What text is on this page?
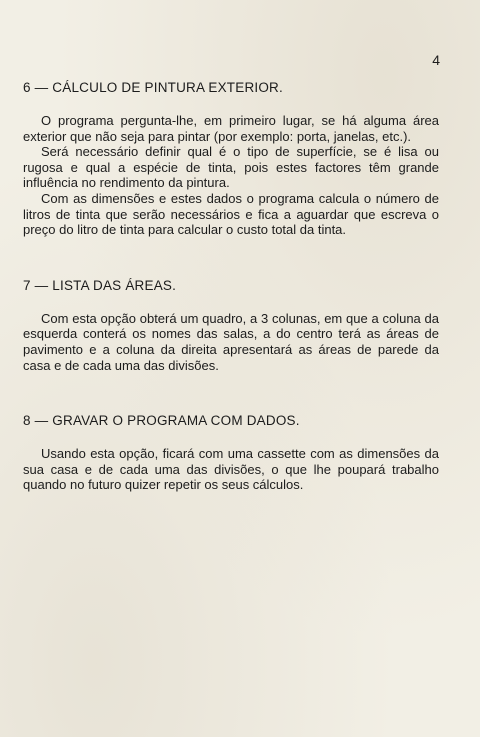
4
6 — CÁLCULO DE PINTURA EXTERIOR.

O programa pergunta-lhe, em primeiro lugar, se há alguma área exterior que não seja para pintar (por exemplo: porta, janelas, etc.).

Será necessário definir qual é o tipo de superfície, se é lisa ou rugosa e qual a espécie de tinta, pois estes factores têm grande influência no rendimento da pintura.

Com as dimensões e estes dados o programa calcula o número de litros de tinta que serão necessários e fica a aguardar que escreva o preço do litro de tinta para calcular o custo total da tinta.

7 — LISTA DAS ÁREAS.

Com esta opção obterá um quadro, a 3 colunas, em que a coluna da esquerda conterá os nomes das salas, a do centro terá as áreas de pavimento e a coluna da direita apresentará as áreas de parede da casa e de cada uma das divisões.

8 — GRAVAR O PROGRAMA COM DADOS.

Usando esta opção, ficará com uma cassette com as dimensões da sua casa e de cada uma das divisões, o que lhe poupará trabalho quando no futuro quizer repetir os seus cálculos.
